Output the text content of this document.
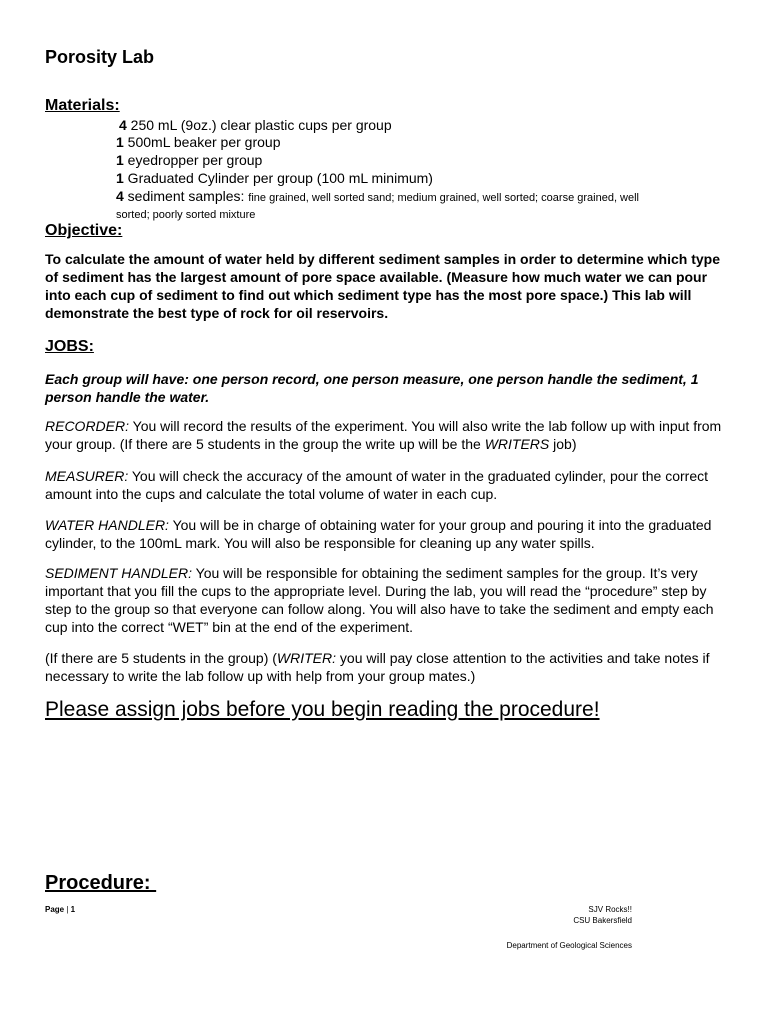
Porosity Lab
Materials:
4 250 mL (9oz.) clear plastic cups per group
1 500mL beaker per group
1 eyedropper per group
1 Graduated Cylinder per group (100 mL minimum)
4 sediment samples: fine grained, well sorted sand; medium grained, well sorted; coarse grained, well
sorted; poorly sorted mixture
Objective:
To calculate the amount of water held by different sediment samples in order to determine which type of sediment has the largest amount of pore space available. (Measure how much water we can pour into each cup of sediment to find out which sediment type has the most pore space.) This lab will demonstrate the best type of rock for oil reservoirs.
JOBS:
Each group will have: one person record, one person measure, one person handle the sediment, 1 person handle the water.
RECORDER: You will record the results of the experiment. You will also write the lab follow up with input from your group. (If there are 5 students in the group the write up will be the WRITERS job)
MEASURER: You will check the accuracy of the amount of water in the graduated cylinder, pour the correct amount into the cups and calculate the total volume of water in each cup.
WATER HANDLER: You will be in charge of obtaining water for your group and pouring it into the graduated cylinder, to the 100mL mark. You will also be responsible for cleaning up any water spills.
SEDIMENT HANDLER: You will be responsible for obtaining the sediment samples for the group. It’s very important that you fill the cups to the appropriate level. During the lab, you will read the “procedure” step by step to the group so that everyone can follow along. You will also have to take the sediment and empty each cup into the correct “WET” bin at the end of the experiment.
(If there are 5 students in the group) (WRITER: you will pay close attention to the activities and take notes if necessary to write the lab follow up with help from your group mates.)
Please assign jobs before you begin reading the procedure!
Procedure:
Page | 1	SJV Rocks!!
CSU Bakersfield
Department of Geological Sciences
